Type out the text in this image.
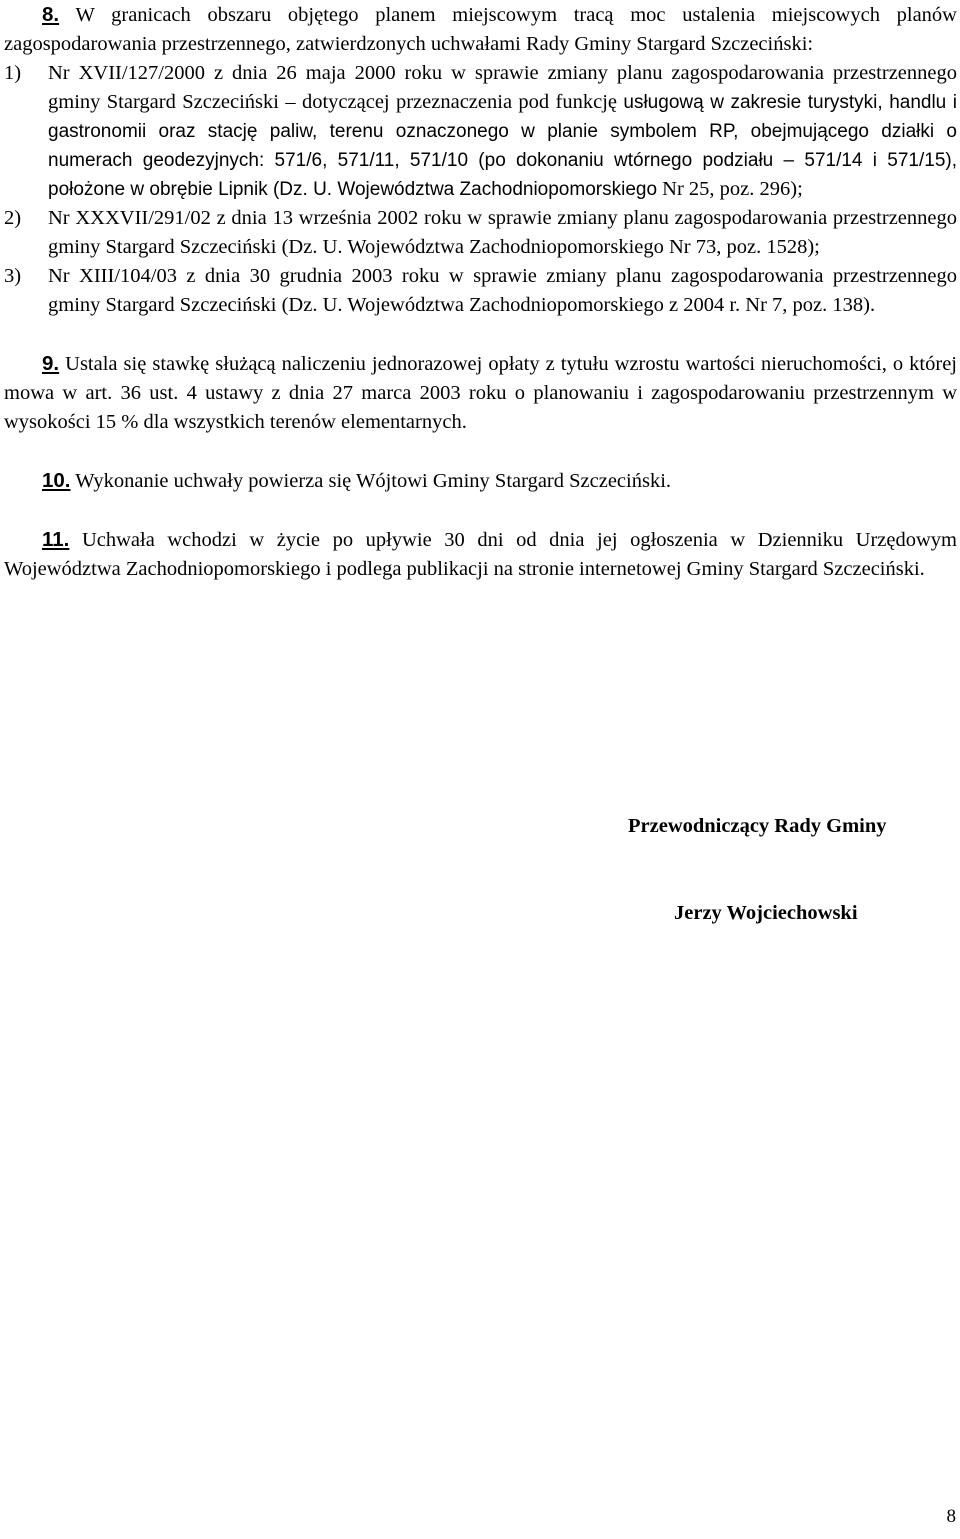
8. W granicach obszaru objętego planem miejscowym tracą moc ustalenia miejscowych planów zagospodarowania przestrzennego, zatwierdzonych uchwałami Rady Gminy Stargard Szczeciński:

1) Nr XVII/127/2000 z dnia 26 maja 2000 roku w sprawie zmiany planu zagospodarowania przestrzennego gminy Stargard Szczeciński – dotyczącej przeznaczenia pod funkcję usługową w zakresie turystyki, handlu i gastronomii oraz stację paliw, terenu oznaczonego w planie symbolem RP, obejmującego działki o numerach geodezyjnych: 571/6, 571/11, 571/10 (po dokonaniu wtórnego podziału – 571/14 i 571/15), położone w obrębie Lipnik (Dz. U. Województwa Zachodniopomorskiego Nr 25, poz. 296);
2) Nr XXXVII/291/02 z dnia 13 września 2002 roku w sprawie zmiany planu zagospodarowania przestrzennego gminy Stargard Szczeciński (Dz. U. Województwa Zachodniopomorskiego Nr 73, poz. 1528);
3) Nr XIII/104/03 z dnia 30 grudnia 2003 roku w sprawie zmiany planu zagospodarowania przestrzennego gminy Stargard Szczeciński (Dz. U. Województwa Zachodniopomorskiego z 2004 r. Nr 7, poz. 138).

9. Ustala się stawkę służącą naliczeniu jednorazowej opłaty z tytułu wzrostu wartości nieruchomości, o której mowa w art. 36 ust. 4 ustawy z dnia 27 marca 2003 roku o planowaniu i zagospodarowaniu przestrzennym w wysokości 15 % dla wszystkich terenów elementarnych.

10. Wykonanie uchwały powierza się Wójtowi Gminy Stargard Szczeciński.

11. Uchwała wchodzi w życie po upływie 30 dni od dnia jej ogłoszenia w Dzienniku Urzędowym Województwa Zachodniopomorskiego i podlega publikacji na stronie internetowej Gminy Stargard Szczeciński.

Przewodniczący Rady Gminy
Jerzy Wojciechowski
8
